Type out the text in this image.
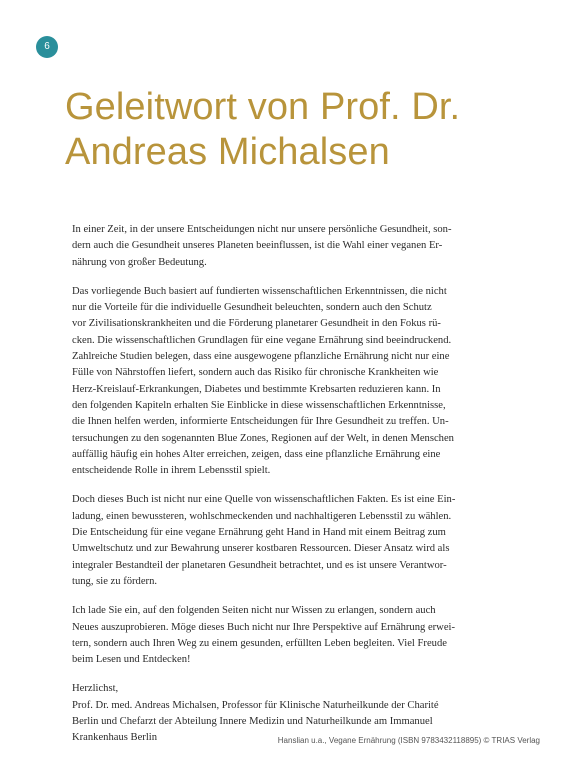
6
Geleitwort von Prof. Dr.
Andreas Michalsen

In einer Zeit, in der unsere Entscheidungen nicht nur unsere persönliche Gesundheit, son-
dern auch die Gesundheit unseres Planeten beeinflussen, ist die Wahl einer veganen Er-
nährung von großer Bedeutung.

Das vorliegende Buch basiert auf fundierten wissenschaftlichen Erkenntnissen, die nicht
nur die Vorteile für die individuelle Gesundheit beleuchten, sondern auch den Schutz
vor Zivilisationskrankheiten und die Förderung planetarer Gesundheit in den Fokus rü-
cken. Die wissenschaftlichen Grundlagen für eine vegane Ernährung sind beeindruckend.
Zahlreiche Studien belegen, dass eine ausgewogene pflanzliche Ernährung nicht nur eine
Fülle von Nährstoffen liefert, sondern auch das Risiko für chronische Krankheiten wie
Herz-Kreislauf-Erkrankungen, Diabetes und bestimmte Krebsarten reduzieren kann. In
den folgenden Kapiteln erhalten Sie Einblicke in diese wissenschaftlichen Erkenntnisse,
die Ihnen helfen werden, informierte Entscheidungen für Ihre Gesundheit zu treffen. Un-
tersuchungen zu den sogenannten Blue Zones, Regionen auf der Welt, in denen Menschen
auffällig häufig ein hohes Alter erreichen, zeigen, dass eine pflanzliche Ernährung eine
entscheidende Rolle in ihrem Lebensstil spielt.

Doch dieses Buch ist nicht nur eine Quelle von wissenschaftlichen Fakten. Es ist eine Ein-
ladung, einen bewussteren, wohlschmeckenden und nachhaltigeren Lebensstil zu wählen.
Die Entscheidung für eine vegane Ernährung geht Hand in Hand mit einem Beitrag zum
Umweltschutz und zur Bewahrung unserer kostbaren Ressourcen. Dieser Ansatz wird als
integraler Bestandteil der planetaren Gesundheit betrachtet, und es ist unsere Verantwor-
tung, sie zu fördern.

Ich lade Sie ein, auf den folgenden Seiten nicht nur Wissen zu erlangen, sondern auch
Neues auszuprobieren. Möge dieses Buch nicht nur Ihre Perspektive auf Ernährung erwei-
tern, sondern auch Ihren Weg zu einem gesunden, erfüllten Leben begleiten. Viel Freude
beim Lesen und Entdecken!

Herzlichst,
Prof. Dr. med. Andreas Michalsen, Professor für Klinische Naturheilkunde der Charité
Berlin und Chefarzt der Abteilung Innere Medizin und Naturheilkunde am Immanuel
Krankenhaus Berlin	Hanslian u.a., Vegane Ernährung (ISBN 9783432118895) © TRIAS Verlag
